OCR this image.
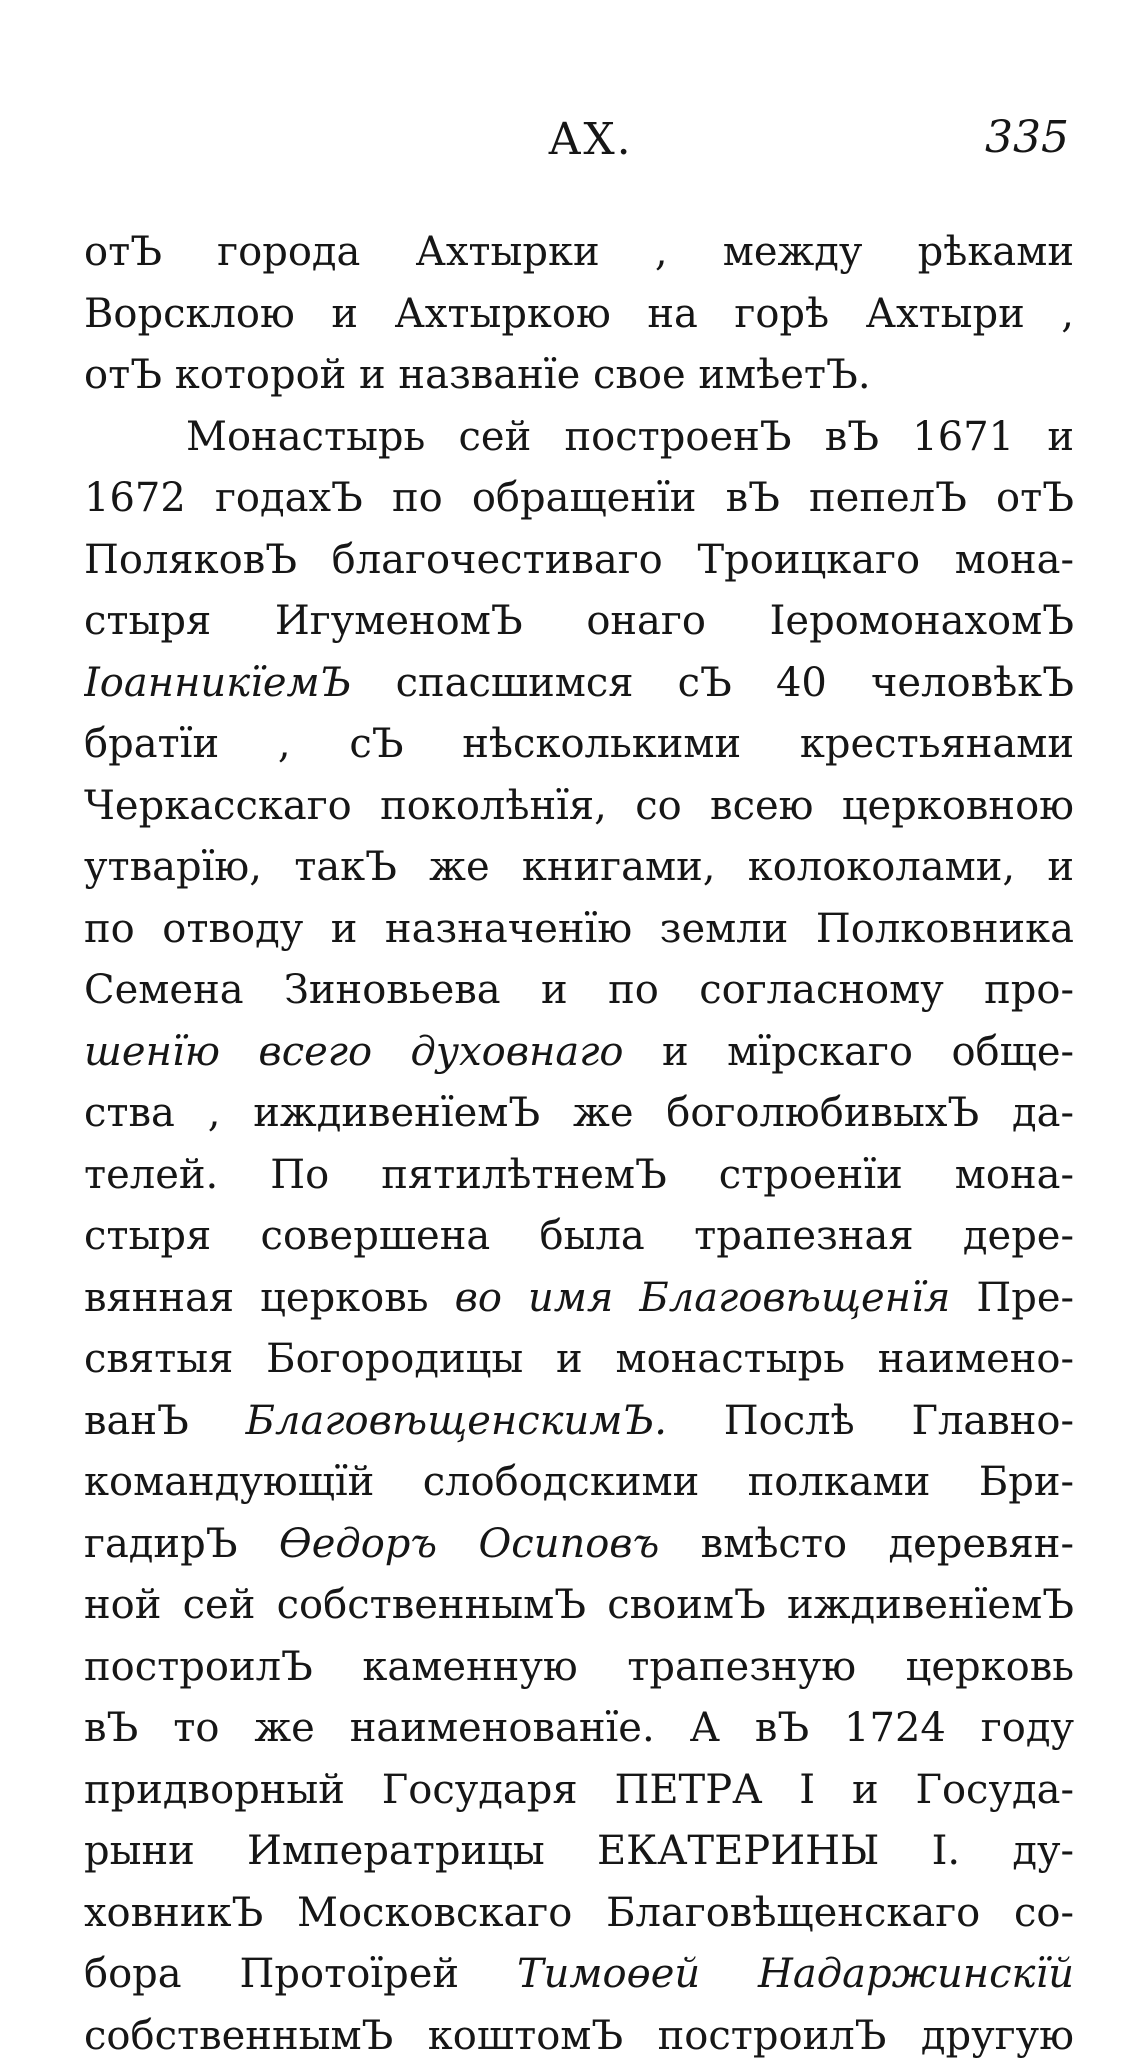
АХ.	335
отЪ города Ахтырки , между рѣками
Ворсклою и Ахтыркою на горѣ Ахтыри ,
отЪ которой и названїе свое имѣетЪ.
Монастырь сей построенЪ вЪ 1671 и
1672 годахЪ по обращенїи вЪ пепелЪ отЪ
ПоляковЪ благочестиваго Троицкаго мона-
стыря ИгуменомЪ онаго ІеромонахомЪ
ІоанникїемЪ спасшимся сЪ 40 человѣкЪ
братїи , сЪ нѣсколькими крестьянами
Черкасскаго поколѣнїя, со всею церковною
утварїю, такЪ же книгами, колоколами, и
по отводу и назначенїю земли Полковника
Семена Зиновьева и по согласному про-
шенїю всего духовнаго и мїрскаго обще-
ства , иждивенїемЪ же боголюбивыхЪ да-
телей. По пятилѣтнемЪ строенїи мона-
стыря совершена была трапезная дере-
вянная церковь во имя Благовѣщенїя Пре-
святыя Богородицы и монастырь наимено-
ванЪ БлаговѣщенскимЪ. Послѣ Главно-
командующїй слободскими полками Бри-
гадирЪ Өедоръ Осиповъ вмѣсто деревян-
ной сей собственнымЪ своимЪ иждивенїемЪ
построилЪ каменную трапезную церковь
вЪ то же наименованїе. А вЪ 1724 году
придворный Государя ПЕТРА I и Госуда-
рыни Императрицы ЕКАТЕРИНЫ I. ду-
ховникЪ Московскаго Благовѣщенскаго со-
бора Протоїрей Тимоөей Надаржинскїй
собственнымЪ коштомЪ построилЪ другую
